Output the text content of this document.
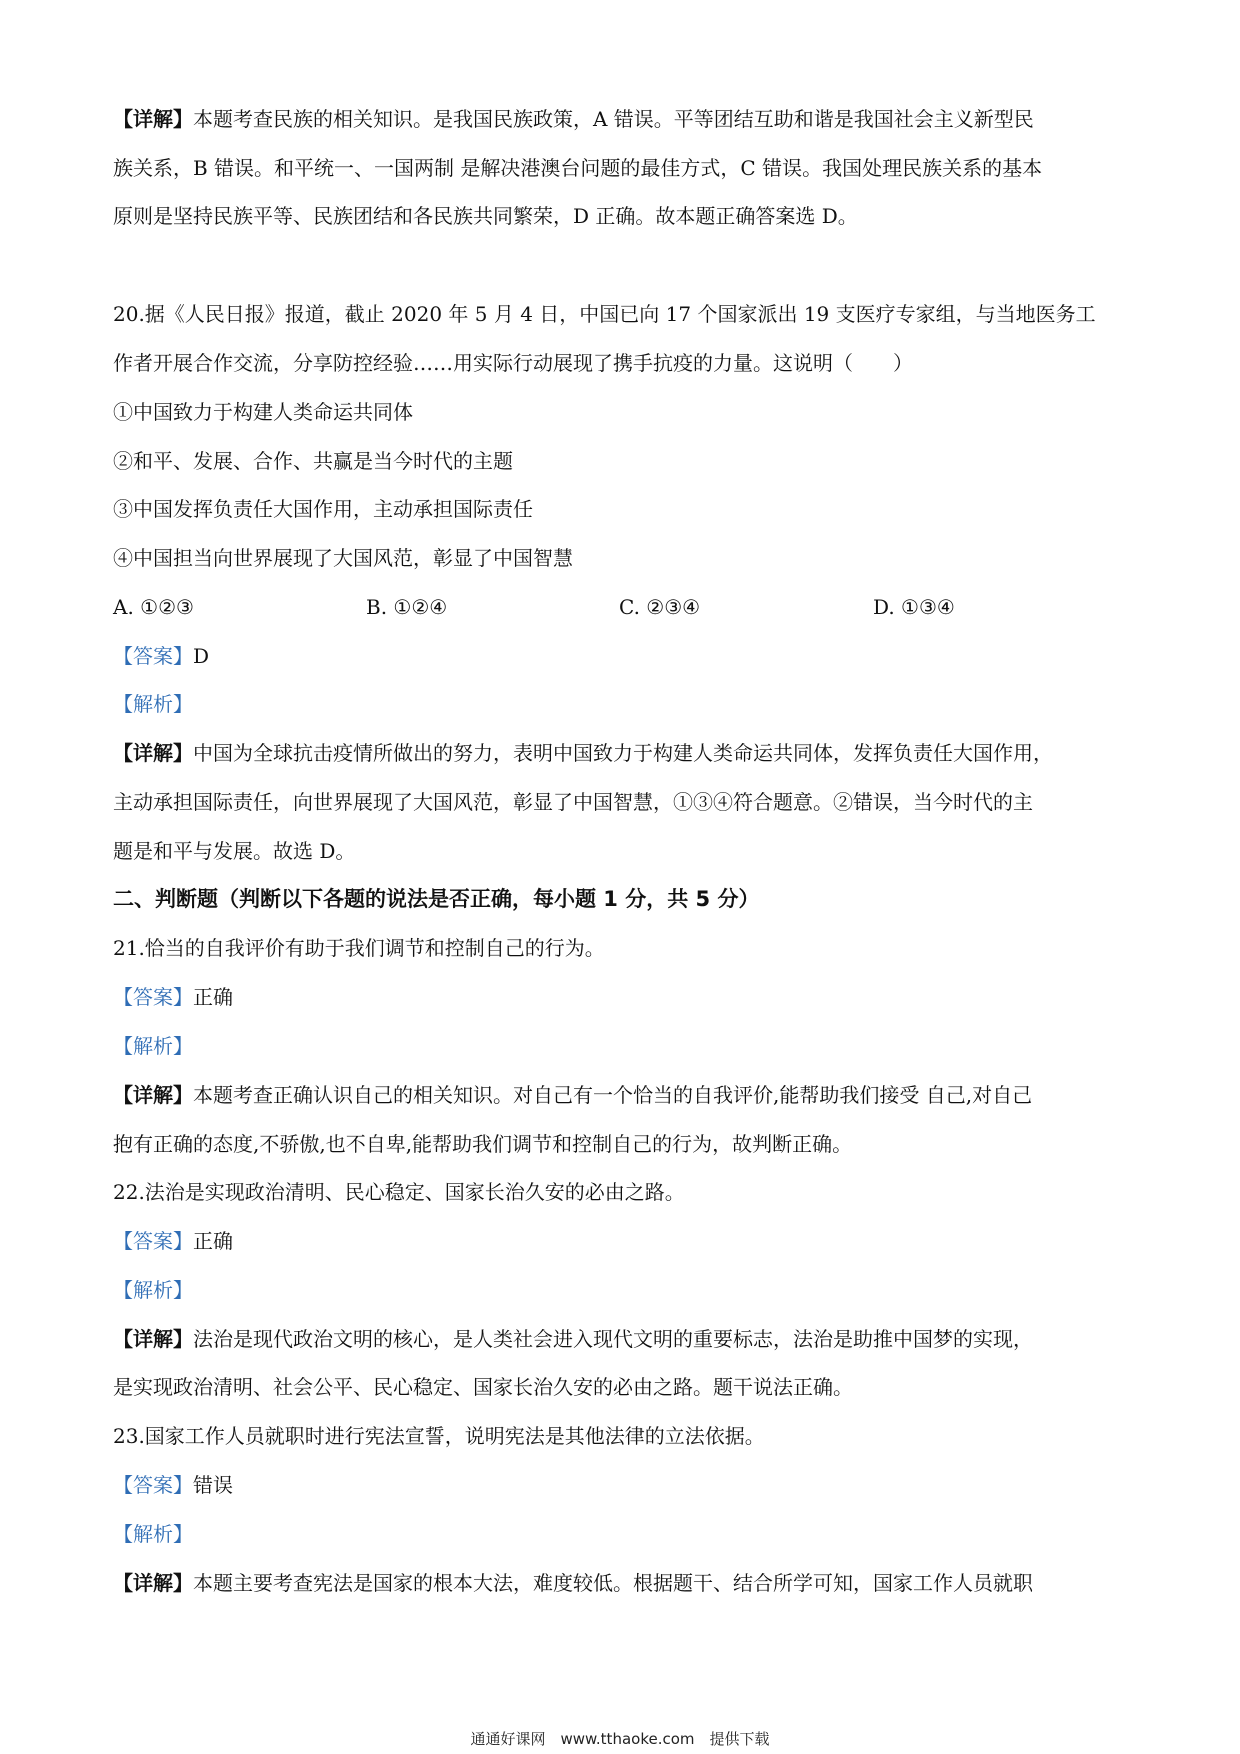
【详解】本题考查民族的相关知识。是我国民族政策，A 错误。平等团结互助和谐是我国社会主义新型民
族关系，B 错误。和平统一、一国两制 是解决港澳台问题的最佳方式，C 错误。我国处理民族关系的基本
原则是坚持民族平等、民族团结和各民族共同繁荣，D 正确。故本题正确答案选 D。
20.据《人民日报》报道，截止 2020 年 5 月 4 日，中国已向 17 个国家派出 19 支医疗专家组，与当地医务工
作者开展合作交流，分享防控经验……用实际行动展现了携手抗疫的力量。这说明（　　）
①中国致力于构建人类命运共同体
②和平、发展、合作、共赢是当今时代的主题
③中国发挥负责任大国作用，主动承担国际责任
④中国担当向世界展现了大国风范，彰显了中国智慧
A. ①②③	B. ①②④	C. ②③④	D. ①③④
【答案】D
【解析】
【详解】中国为全球抗击疫情所做出的努力，表明中国致力于构建人类命运共同体，发挥负责任大国作用，
主动承担国际责任，向世界展现了大国风范，彰显了中国智慧，①③④符合题意。②错误，当今时代的主
题是和平与发展。故选 D。
二、判断题（判断以下各题的说法是否正确，每小题 1 分，共 5 分）
21.恰当的自我评价有助于我们调节和控制自己的行为。
【答案】正确
【解析】
【详解】本题考查正确认识自己的相关知识。对自己有一个恰当的自我评价,能帮助我们接受 自己,对自己
抱有正确的态度,不骄傲,也不自卑,能帮助我们调节和控制自己的行为，故判断正确。
22.法治是实现政治清明、民心稳定、国家长治久安的必由之路。
【答案】正确
【解析】
【详解】法治是现代政治文明的核心，是人类社会进入现代文明的重要标志，法治是助推中国梦的实现，
是实现政治清明、社会公平、民心稳定、国家长治久安的必由之路。题干说法正确。
23.国家工作人员就职时进行宪法宣誓，说明宪法是其他法律的立法依据。
【答案】错误
【解析】
【详解】本题主要考查宪法是国家的根本大法，难度较低。根据题干、结合所学可知，国家工作人员就职
通通好课网　www.tthaoke.com　提供下载
